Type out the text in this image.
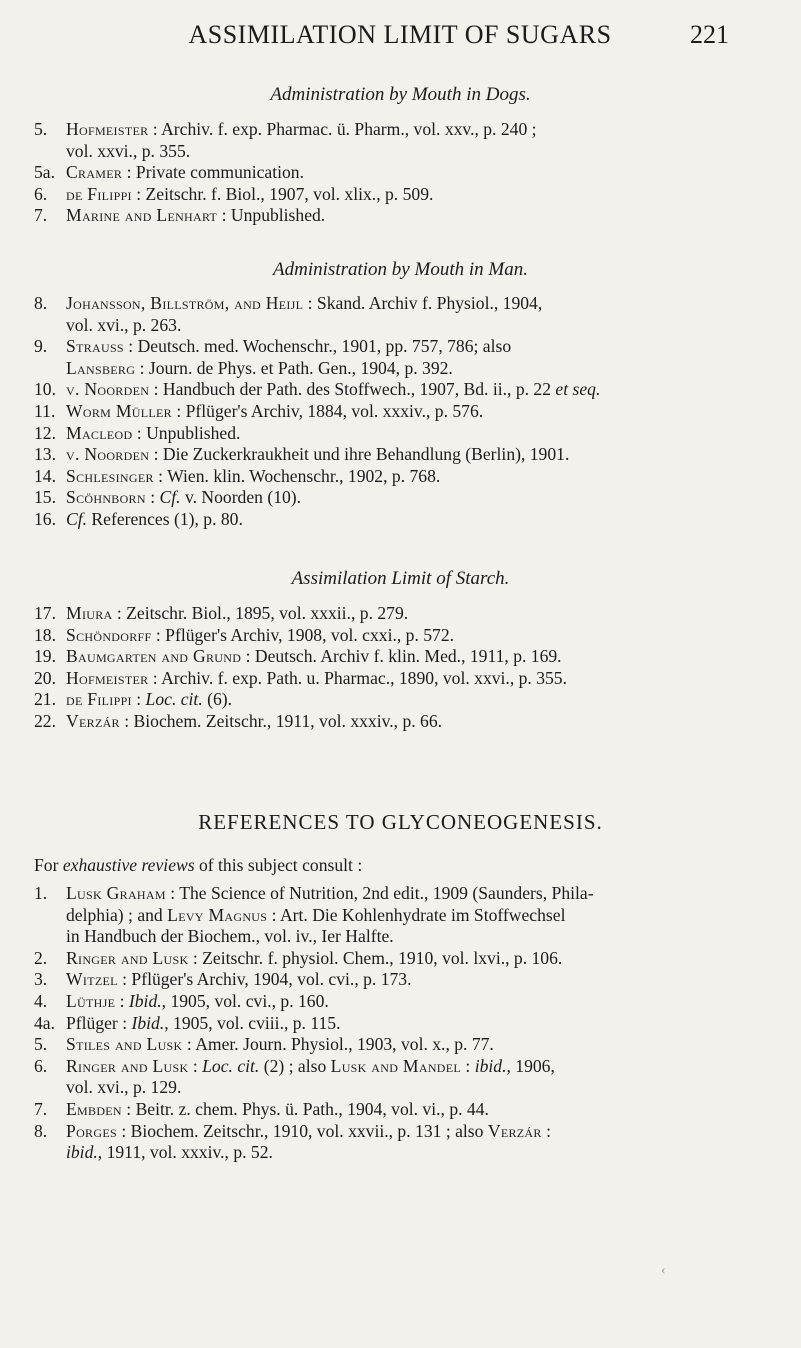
ASSIMILATION LIMIT OF SUGARS	221
Administration by Mouth in Dogs.
5.	Hofmeister : Archiv. f. exp. Pharmac. ü. Pharm., vol. xxv., p. 240 ;
vol. xxvi., p. 355.
5a. Cramer : Private communication.
6.	de Filippi : Zeitschr. f. Biol., 1907, vol. xlix., p. 509.
7.	Marine and Lenhart : Unpublished.
Administration by Mouth in Man.
8.	Johansson, Billström, and Heijl : Skand. Archiv f. Physiol., 1904,
vol. xvi., p. 263.
9.	Strauss : Deutsch. med. Wochenschr., 1901, pp. 757, 786; also
Lansberg : Journ. de Phys. et Path. Gen., 1904, p. 392.
10. v. Noorden : Handbuch der Path. des Stoffwech., 1907, Bd. ii., p. 22 et seq.
11. Worm Müller : Pflüger's Archiv, 1884, vol. xxxiv., p. 576.
12. Macleod : Unpublished.
13. v. Noorden : Die Zuckerkraukheit und ihre Behandlung (Berlin), 1901.
14. Schlesinger : Wien. klin. Wochenschr., 1902, p. 768.
15. Scöhnborn : Cf. v. Noorden (10).
16. Cf. References (1), p. 80.
Assimilation Limit of Starch.
17. Miura : Zeitschr. Biol., 1895, vol. xxxii., p. 279.
18. Schöndorff : Pflüger's Archiv, 1908, vol. cxxi., p. 572.
19. Baumgarten and Grund : Deutsch. Archiv f. klin. Med., 1911, p. 169.
20. Hofmeister : Archiv. f. exp. Path. u. Pharmac., 1890, vol. xxvi., p. 355.
21. de Filippi : Loc. cit. (6).
22. Verzár : Biochem. Zeitschr., 1911, vol. xxxiv., p. 66.
REFERENCES TO GLYCONEOGENESIS.
For exhaustive reviews of this subject consult :
1.	Lusk Graham : The Science of Nutrition, 2nd edit., 1909 (Saunders, Phila-
delphia) ; and Levy Magnus : Art. Die Kohlenhydrate im Stoffwechsel
in Handbuch der Biochem., vol. iv., Ier Halfte.
2.	Ringer and Lusk : Zeitschr. f. physiol. Chem., 1910, vol. lxvi., p. 106.
3.	Witzel : Pflüger's Archiv, 1904, vol. cvi., p. 173.
4.	Lüthje : Ibid., 1905, vol. cvi., p. 160.
4a. Pflüger : Ibid., 1905, vol. cviii., p. 115.
5.	Stiles and Lusk : Amer. Journ. Physiol., 1903, vol. x., p. 77.
6.	Ringer and Lusk : Loc. cit. (2) ; also Lusk and Mandel : ibid., 1906,
vol. xvi., p. 129.
7.	Embden : Beitr. z. chem. Phys. ü. Path., 1904, vol. vi., p. 44.
8.	Porges : Biochem. Zeitschr., 1910, vol. xxvii., p. 131 ; also Verzár :
ibid., 1911, vol. xxxiv., p. 52.
‹
